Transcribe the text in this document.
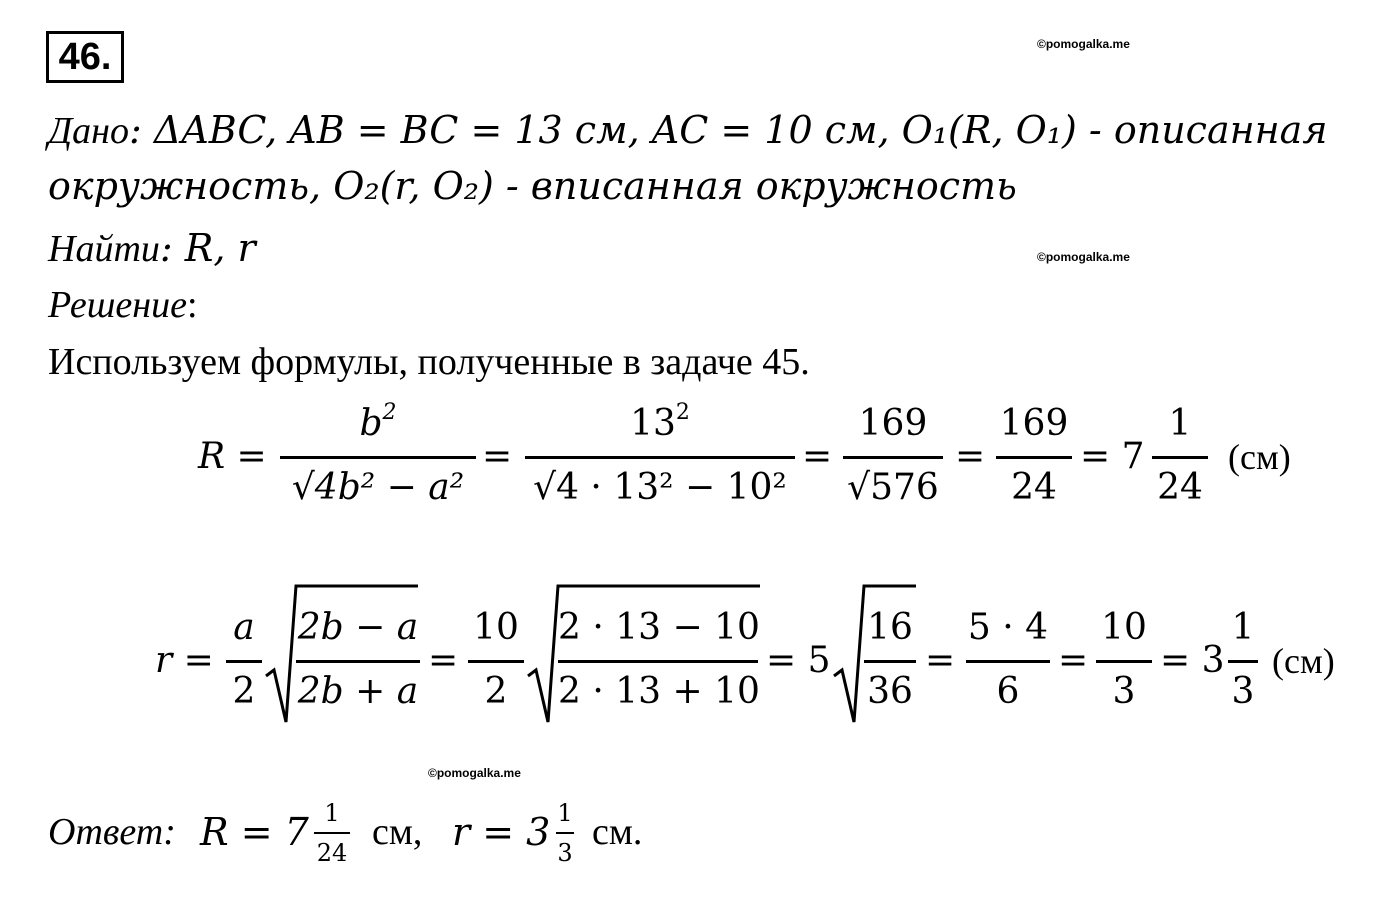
46.	©pomogalka.me
©pomogalka.me
©pomogalka.me
Дано: ΔABC, AB = BC = 13 см, AC = 10 см, O₁(R, O₁) - описанная
окружность, O₂(r, O₂) - вписанная окружность
Найти: R, r
Решение:
Используем формулы, полученные в задаче 45.
R =
$b^2$
√4b² − a²
=
$13^2$
√4 · 13² − 10²
=
169
√576
=
169
24
= 7
1
24
(см)
r =
a
2
2b − a
2b + a
=
10
2
2 · 13 − 10
2 · 13 + 10
= 5
16
36
=
5 · 4
6
=
10
3
= 3
1
3
(см)
Ответ: R = 7 1
24 см, r = 3 1
3 см.
